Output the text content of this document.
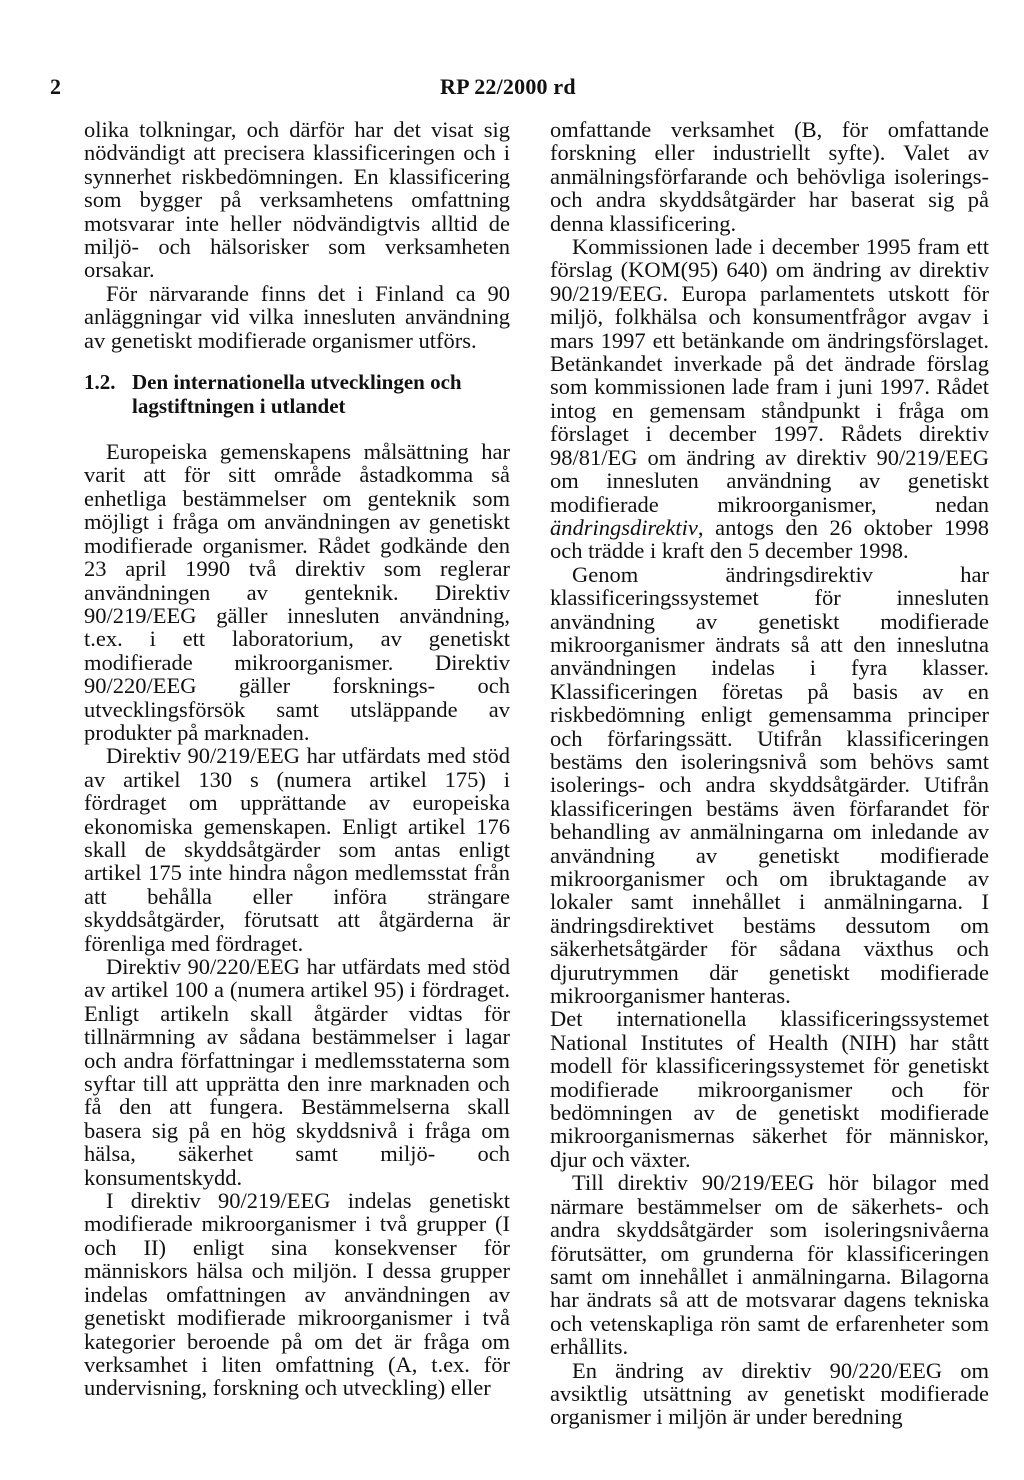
2	RP 22/2000 rd

olika tolkningar, och därför har det visat sig nödvändigt att precisera klassificeringen och i synnerhet riskbedömningen. En klassificering som bygger på verksamhetens omfattning motsvarar inte heller nödvändigtvis alltid de miljö- och hälsorisker som verksamheten orsakar.

För närvarande finns det i Finland ca 90 anläggningar vid vilka innesluten användning av genetiskt modifierade organismer utförs.

1.2. Den internationella utvecklingen och lagstiftningen i utlandet

Europeiska gemenskapens målsättning har varit att för sitt område åstadkomma så enhetliga bestämmelser om genteknik som möjligt i fråga om användningen av genetiskt modifierade organismer. Rådet godkände den 23 april 1990 två direktiv som reglerar användningen av genteknik. Direktiv 90/219/EEG gäller innesluten användning, t.ex. i ett laboratorium, av genetiskt modifierade mikroorganismer. Direktiv 90/220/EEG gäller forsknings- och utvecklingsförsök samt utsläppande av produkter på marknaden.

Direktiv 90/219/EEG har utfärdats med stöd av artikel 130 s (numera artikel 175) i fördraget om upprättande av europeiska ekonomiska gemenskapen. Enligt artikel 176 skall de skyddsåtgärder som antas enligt artikel 175 inte hindra någon medlemsstat från att behålla eller införa strängare skyddsåtgärder, förutsatt att åtgärderna är förenliga med fördraget.

Direktiv 90/220/EEG har utfärdats med stöd av artikel 100 a (numera artikel 95) i fördraget. Enligt artikeln skall åtgärder vidtas för tillnärmning av sådana bestämmelser i lagar och andra författningar i medlemsstaterna som syftar till att upprätta den inre marknaden och få den att fungera. Bestämmelserna skall basera sig på en hög skyddsnivå i fråga om hälsa, säkerhet samt miljö- och konsumentskydd.

I direktiv 90/219/EEG indelas genetiskt modifierade mikroorganismer i två grupper (I och II) enligt sina konsekvenser för människors hälsa och miljön. I dessa grupper indelas omfattningen av användningen av genetiskt modifierade mikroorganismer i två kategorier beroende på om det är fråga om verksamhet i liten omfattning (A, t.ex. för undervisning, forskning och utveckling) eller

omfattande verksamhet (B, för omfattande forskning eller industriellt syfte). Valet av anmälningsförfarande och behövliga isolerings- och andra skyddsåtgärder har baserat sig på denna klassificering.

Kommissionen lade i december 1995 fram ett förslag (KOM(95) 640) om ändring av direktiv 90/219/EEG. Europa parlamentets utskott för miljö, folkhälsa och konsumentfrågor avgav i mars 1997 ett betänkande om ändringsförslaget. Betänkandet inverkade på det ändrade förslag som kommissionen lade fram i juni 1997. Rådet intog en gemensam ståndpunkt i fråga om förslaget i december 1997. Rådets direktiv 98/81/EG om ändring av direktiv 90/219/EEG om innesluten användning av genetiskt modifierade mikroorganismer, nedan ändringsdirektiv, antogs den 26 oktober 1998 och trädde i kraft den 5 december 1998.

Genom ändringsdirektiv har klassificeringssystemet för innesluten användning av genetiskt modifierade mikroorganismer ändrats så att den inneslutna användningen indelas i fyra klasser. Klassificeringen företas på basis av en riskbedömning enligt gemensamma principer och förfaringssätt. Utifrån klassificeringen bestäms den isoleringsnivå som behövs samt isolerings- och andra skyddsåtgärder. Utifrån klassificeringen bestäms även förfarandet för behandling av anmälningarna om inledande av användning av genetiskt modifierade mikroorganismer och om ibruktagande av lokaler samt innehållet i anmälningarna. I ändringsdirektivet bestäms dessutom om säkerhetsåtgärder för sådana växthus och djurutrymmen där genetiskt modifierade mikroorganismer hanteras.

Det internationella klassificeringssystemet National Institutes of Health (NIH) har stått modell för klassificeringssystemet för genetiskt modifierade mikroorganismer och för bedömningen av de genetiskt modifierade mikroorganismernas säkerhet för människor, djur och växter.

Till direktiv 90/219/EEG hör bilagor med närmare bestämmelser om de säkerhets- och andra skyddsåtgärder som isoleringsnivåerna förutsätter, om grunderna för klassificeringen samt om innehållet i anmälningarna. Bilagorna har ändrats så att de motsvarar dagens tekniska och vetenskapliga rön samt de erfarenheter som erhållits.

En ändring av direktiv 90/220/EEG om avsiktlig utsättning av genetiskt modifierade organismer i miljön är under beredning
